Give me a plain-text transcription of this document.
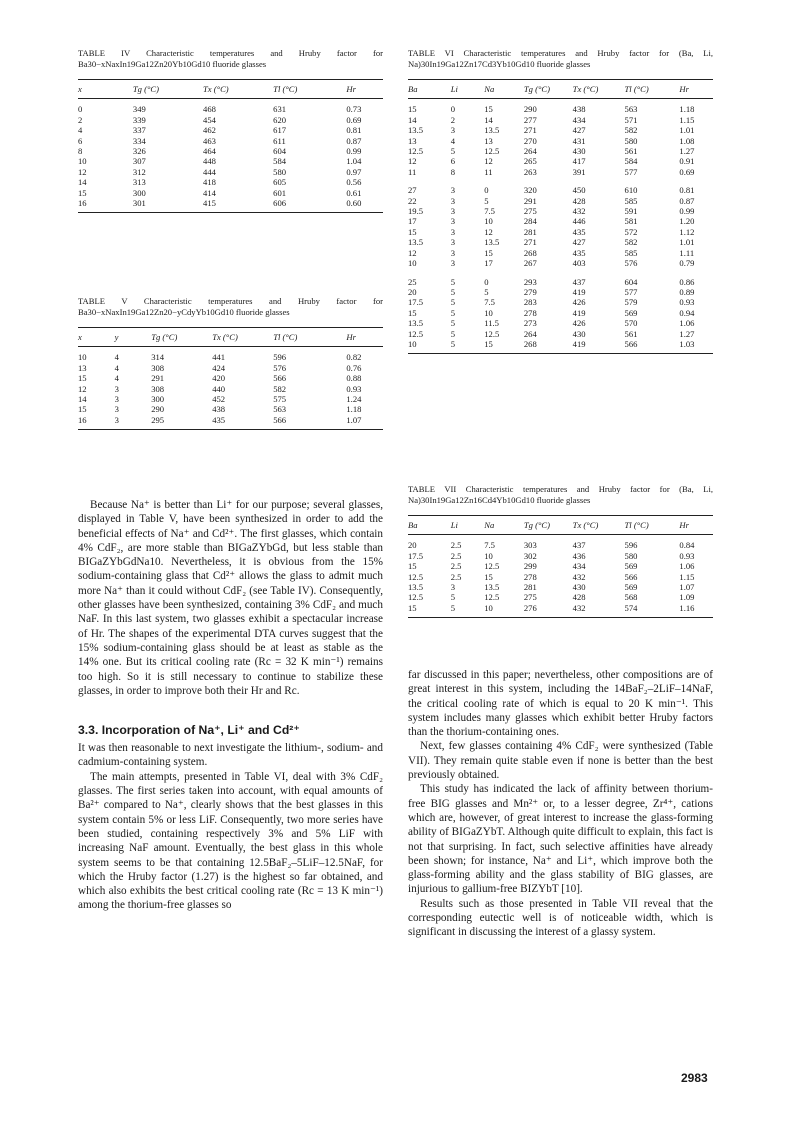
TABLE IV Characteristic temperatures and Hruby factor for Ba30−xNaxIn19Ga12Zn20Yb10Gd10 fluoride glasses
x	Tg (°C)	Tx (°C)	Tl (°C)	Hr
0	349	468	631	0.73
2	339	454	620	0.69
4	337	462	617	0.81
6	334	463	611	0.87
8	326	464	604	0.99
10	307	448	584	1.04
12	312	444	580	0.97
14	313	418	605	0.56
15	300	414	601	0.61
16	301	415	606	0.60
TABLE V Characteristic temperatures and Hruby factor for Ba30−xNaxIn19Ga12Zn20−yCdyYb10Gd10 fluoride glasses
x	y	Tg (°C)	Tx (°C)	Tl (°C)	Hr
10	4	314	441	596	0.82
13	4	308	424	576	0.76
15	4	291	420	566	0.88
12	3	308	440	582	0.93
14	3	300	452	575	1.24
15	3	290	438	563	1.18
16	3	295	435	566	1.07
TABLE VI Characteristic temperatures and Hruby factor for (Ba, Li, Na)30In19Ga12Zn17Cd3Yb10Gd10 fluoride glasses
Ba	Li	Na	Tg (°C)	Tx (°C)	Tl (°C)	Hr
15	0	15	290	438	563	1.18
14	2	14	277	434	571	1.15
13.5	3	13.5	271	427	582	1.01
13	4	13	270	431	580	1.08
12.5	5	12.5	264	430	561	1.27
12	6	12	265	417	584	0.91
11	8	11	263	391	577	0.69
27	3	0	320	450	610	0.81
22	3	5	291	428	585	0.87
19.5	3	7.5	275	432	591	0.99
17	3	10	284	446	581	1.20
15	3	12	281	435	572	1.12
13.5	3	13.5	271	427	582	1.01
12	3	15	268	435	585	1.11
10	3	17	267	403	576	0.79
25	5	0	293	437	604	0.86
20	5	5	279	419	577	0.89
17.5	5	7.5	283	426	579	0.93
15	5	10	278	419	569	0.94
13.5	5	11.5	273	426	570	1.06
12.5	5	12.5	264	430	561	1.27
10	5	15	268	419	566	1.03
TABLE VII Characteristic temperatures and Hruby factor for (Ba, Li, Na)30In19Ga12Zn16Cd4Yb10Gd10 fluoride glasses
Ba	Li	Na	Tg (°C)	Tx (°C)	Tl (°C)	Hr
20	2.5	7.5	303	437	596	0.84
17.5	2.5	10	302	436	580	0.93
15	2.5	12.5	299	434	569	1.06
12.5	2.5	15	278	432	566	1.15
13.5	3	13.5	281	430	569	1.07
12.5	5	12.5	275	428	568	1.09
15	5	10	276	432	574	1.16

Because Na⁺ is better than Li⁺ for our purpose; several glasses, displayed in Table V, have been synthesized in order to add the beneficial effects of Na⁺ and Cd²⁺. The first glasses, which contain 4% CdF₂, are more stable than BIGaZYbGd, but less stable than BIGaZYbGdNa10. Nevertheless, it is obvious from the 15% sodium-containing glass that Cd²⁺ allows the glass to admit much more Na⁺ than it could without CdF₂ (see Table IV). Consequently, other glasses have been synthesized, containing 3% CdF₂ and much NaF. In this last system, two glasses exhibit a spectacular increase of Hr. The shapes of the experimental DTA curves suggest that the 15% sodium-containing glass should be at least as stable as the 14% one. But its critical cooling rate (Rc = 32 K min⁻¹) remains too high. So it is still necessary to continue to stabilize these glasses, in order to improve both their Hr and Rc.

3.3. Incorporation of Na⁺, Li⁺ and Cd²⁺

It was then reasonable to next investigate the lithium-, sodium- and cadmium-containing system.

The main attempts, presented in Table VI, deal with 3% CdF₂ glasses. The first series taken into account, with equal amounts of Ba²⁺ compared to Na⁺, clearly shows that the best glasses in this system contain 5% or less LiF. Consequently, two more series have been studied, containing respectively 3% and 5% LiF with increasing NaF amount. Eventually, the best glass in this whole system seems to be that containing 12.5BaF₂–5LiF–12.5NaF, for which the Hruby factor (1.27) is the highest so far obtained, and which also exhibits the best critical cooling rate (Rc = 13 K min⁻¹) among the thorium-free glasses so

far discussed in this paper; nevertheless, other compositions are of great interest in this system, including the 14BaF₂–2LiF–14NaF, the critical cooling rate of which is equal to 20 K min⁻¹. This system includes many glasses which exhibit better Hruby factors than the thorium-containing ones.

Next, few glasses containing 4% CdF₂ were synthesized (Table VII). They remain quite stable even if none is better than the best previously obtained.

This study has indicated the lack of affinity between thorium-free BIG glasses and Mn²⁺ or, to a lesser degree, Zr⁴⁺, cations which are, however, of great interest to increase the glass-forming ability of BIGaZYbT. Although quite difficult to explain, this fact is not that surprising. In fact, such selective affinities have already been shown; for instance, Na⁺ and Li⁺, which improve both the glass-forming ability and the glass stability of BIG glasses, are injurious to gallium-free BIZYbT [10].

Results such as those presented in Table VII reveal that the corresponding eutectic well is of noticeable width, which is significant in discussing the interest of a glassy system.

2983
